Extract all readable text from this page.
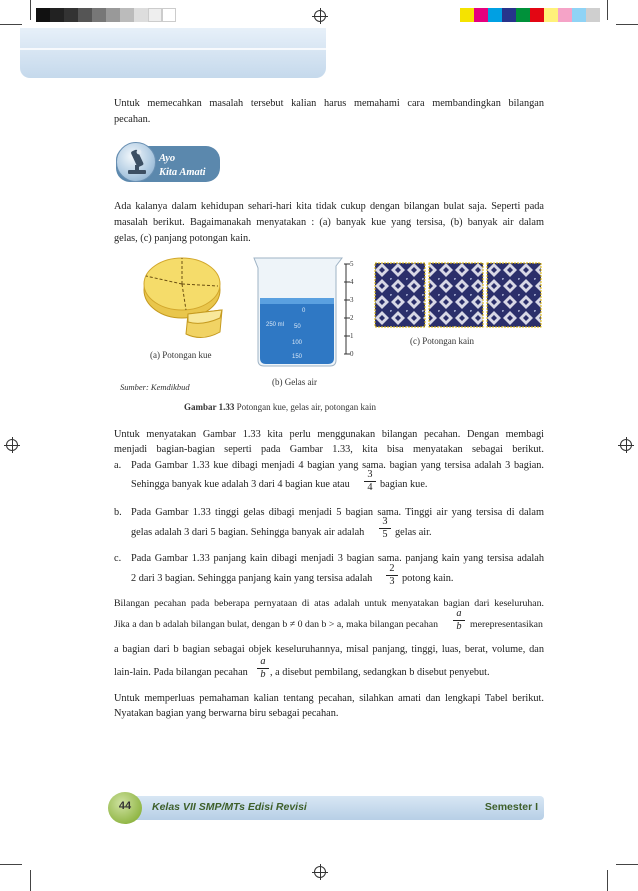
Untuk memecahkan masalah tersebut kalian harus memahami cara membandingkan bilangan
pecahan.
Ayo
Kita Amati
Ada kalanya dalam kehidupan sehari-hari kita tidak cukup dengan bilangan bulat saja. Seperti pada
masalah berikut. Bagaimanakah menyatakan : (a) banyak kue yang tersisa, (b) banyak air dalam
gelas, (c) panjang potongan kain.
(a) Potongan kue
0
50
100
150
250 ml
5
4
3
2
1
0
(b) Gelas air
(c) Potongan kain
Sumber: Kemdikbud
Gambar 1.33 Potongan kue, gelas air, potongan kain
Untuk menyatakan Gambar 1.33 kita perlu menggunakan bilangan pecahan. Dengan membagi
menjadi bagian-bagian seperti pada Gambar 1.33, kita bisa menyatakan sebagai berikut.
a. Pada Gambar 1.33 kue dibagi menjadi 4 bagian yang sama. bagian yang tersisa adalah 3 bagian.
Sehingga banyak kue adalah 3 dari 4 bagian kue atau $\frac{3}{4}$ bagian kue.
b. Pada Gambar 1.33 tinggi gelas dibagi menjadi 5 bagian sama. Tinggi air yang tersisa di dalam
gelas adalah 3 dari 5 bagian. Sehingga banyak air adalah $\frac{3}{5}$ gelas air.
c. Pada Gambar 1.33 panjang kain dibagi menjadi 3 bagian sama. panjang kain yang tersisa adalah
2 dari 3 bagian. Sehingga panjang kain yang tersisa adalah $\frac{2}{3}$ potong kain.
Bilangan pecahan pada beberapa pernyataan di atas adalah untuk menyatakan bagian dari keseluruhan.
Jika a dan b adalah bilangan bulat, dengan b ≠ 0 dan b > a, maka bilangan pecahan $\frac{a}{b}$ merepresentasikan
a bagian dari b bagian sebagai objek keseluruhannya, misal panjang, tinggi, luas, berat, volume, dan
lain-lain. Pada bilangan pecahan $\frac{a}{b}$ , a disebut pembilang, sedangkan b disebut penyebut.
Untuk memperluas pemahaman kalian tentang pecahan, silahkan amati dan lengkapi Tabel berikut.
Nyatakan bagian yang berwarna biru sebagai pecahan.
44	Kelas VII SMP/MTs Edisi Revisi	Semester I
